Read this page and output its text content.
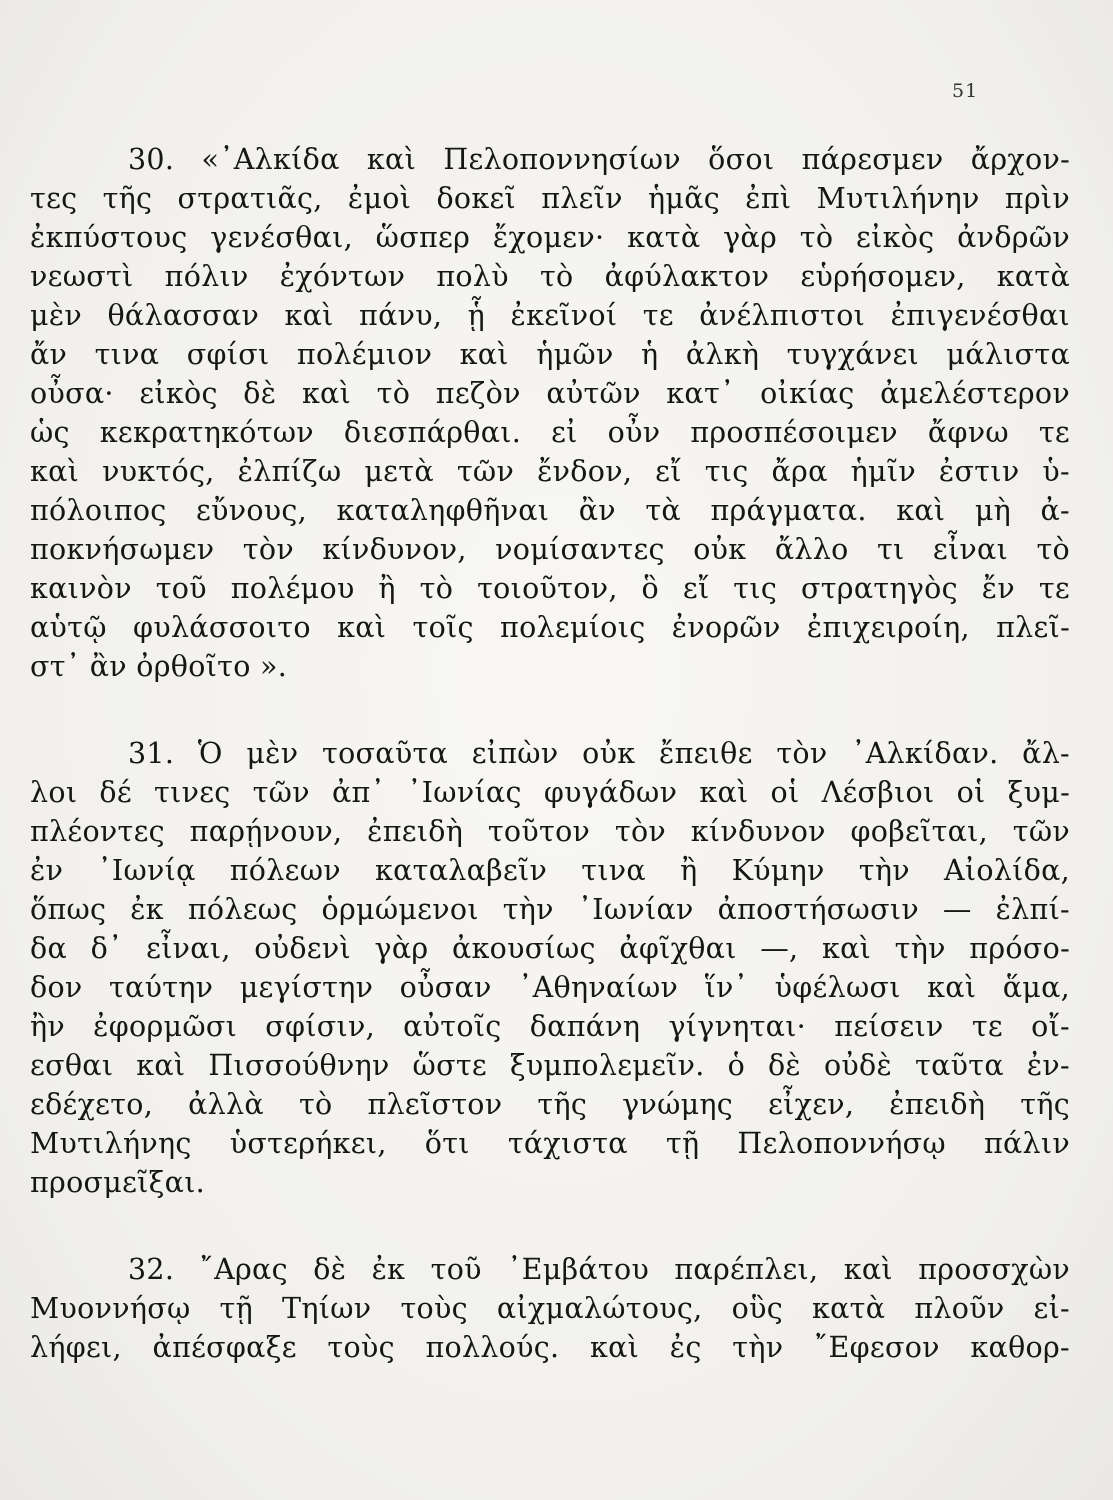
51
30. «᾿Αλκίδα καὶ Πελοποννησίων ὅσοι πάρεσμεν ἄρχον-
τες τῆς στρατιᾶς, ἐμοὶ δοκεῖ πλεῖν ἡμᾶς ἐπὶ Μυτιλήνην πρὶν
ἐκπύστους γενέσθαι, ὥσπερ ἔχομεν· κατὰ γὰρ τὸ εἰκὸς ἀνδρῶν
νεωστὶ πόλιν ἐχόντων πολὺ τὸ ἀφύλακτον εὑρήσομεν, κατὰ
μὲν θάλασσαν καὶ πάνυ, ᾗ ἐκεῖνοί τε ἀνέλπιστοι ἐπιγενέσθαι
ἄν τινα σφίσι πολέμιον καὶ ἡμῶν ἡ ἀλκὴ τυγχάνει μάλιστα
οὖσα· εἰκὸς δὲ καὶ τὸ πεζὸν αὐτῶν κατ᾿ οἰκίας ἀμελέστερον
ὡς κεκρατηκότων διεσπάρθαι. εἰ οὖν προσπέσοιμεν ἄφνω τε
καὶ νυκτός, ἐλπίζω μετὰ τῶν ἔνδον, εἴ τις ἄρα ἡμῖν ἐστιν ὑ-
πόλοιπος εὔνους, καταληφθῆναι ἂν τὰ πράγματα. καὶ μὴ ἀ-
ποκνήσωμεν τὸν κίνδυνον, νομίσαντες οὐκ ἄλλο τι εἶναι τὸ
καινὸν τοῦ πολέμου ἢ τὸ τοιοῦτον, ὃ εἴ τις στρατηγὸς ἔν τε
αὑτῷ φυλάσσοιτο καὶ τοῖς πολεμίοις ἐνορῶν ἐπιχειροίη, πλεῖ-
στ᾿ ἂν ὀρθοῖτο ».
31. Ὁ μὲν τοσαῦτα εἰπὼν οὐκ ἔπειθε τὸν ᾿Αλκίδαν. ἄλ-
λοι δέ τινες τῶν ἀπ᾿ ᾿Ιωνίας φυγάδων καὶ οἱ Λέσβιοι οἱ ξυμ-
πλέοντες παρῄνουν, ἐπειδὴ τοῦτον τὸν κίνδυνον φοβεῖται, τῶν
ἐν ᾿Ιωνίᾳ πόλεων καταλαβεῖν τινα ἢ Κύμην τὴν Αἰολίδα,
ὅπως ἐκ πόλεως ὁρμώμενοι τὴν ᾿Ιωνίαν ἀποστήσωσιν — ἐλπί-
δα δ᾿ εἶναι, οὐδενὶ γὰρ ἀκουσίως ἀφῖχθαι —, καὶ τὴν πρόσο-
δον ταύτην μεγίστην οὖσαν ᾿Αθηναίων ἵν᾿ ὑφέλωσι καὶ ἅμα,
ἢν ἐφορμῶσι σφίσιν, αὐτοῖς δαπάνη γίγνηται· πείσειν τε οἴ-
εσθαι καὶ Πισσούθνην ὥστε ξυμπολεμεῖν. ὁ δὲ οὐδὲ ταῦτα ἐν-
εδέχετο, ἀλλὰ τὸ πλεῖστον τῆς γνώμης εἶχεν, ἐπειδὴ τῆς
Μυτιλήνης ὑστερήκει, ὅτι τάχιστα τῇ Πελοποννήσῳ πάλιν
προσμεῖξαι.
32. ῎Αρας δὲ ἐκ τοῦ ᾿Εμβάτου παρέπλει, καὶ προσσχὼν
Μυοννήσῳ τῇ Τηίων τοὺς αἰχμαλώτους, οὓς κατὰ πλοῦν εἰ-
λήφει, ἀπέσφαξε τοὺς πολλούς. καὶ ἐς τὴν ῎Εφεσον καθορ-
